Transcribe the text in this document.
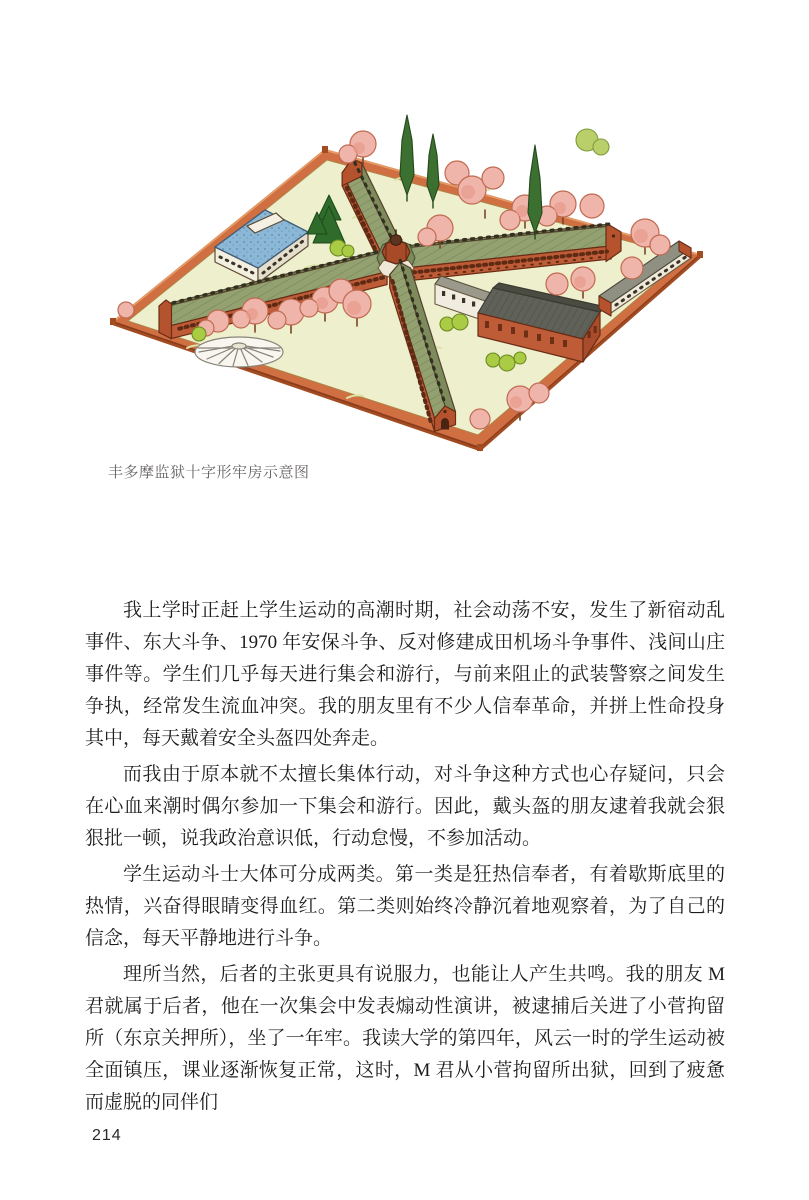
丰多摩监狱十字形牢房示意图

我上学时正赶上学生运动的高潮时期，社会动荡不安，发生了新宿动乱事件、东大斗争、1970 年安保斗争、反对修建成田机场斗争事件、浅间山庄事件等。学生们几乎每天进行集会和游行，与前来阻止的武装警察之间发生争执，经常发生流血冲突。我的朋友里有不少人信奉革命，并拼上性命投身其中，每天戴着安全头盔四处奔走。

而我由于原本就不太擅长集体行动，对斗争这种方式也心存疑问，只会在心血来潮时偶尔参加一下集会和游行。因此，戴头盔的朋友逮着我就会狠狠批一顿，说我政治意识低，行动怠慢，不参加活动。

学生运动斗士大体可分成两类。第一类是狂热信奉者，有着歇斯底里的热情，兴奋得眼睛变得血红。第二类则始终冷静沉着地观察着，为了自己的信念，每天平静地进行斗争。

理所当然，后者的主张更具有说服力，也能让人产生共鸣。我的朋友 M 君就属于后者，他在一次集会中发表煽动性演讲，被逮捕后关进了小菅拘留所（东京关押所），坐了一年牢。我读大学的第四年，风云一时的学生运动被全面镇压，课业逐渐恢复正常，这时，M 君从小菅拘留所出狱，回到了疲惫而虚脱的同伴们

214
